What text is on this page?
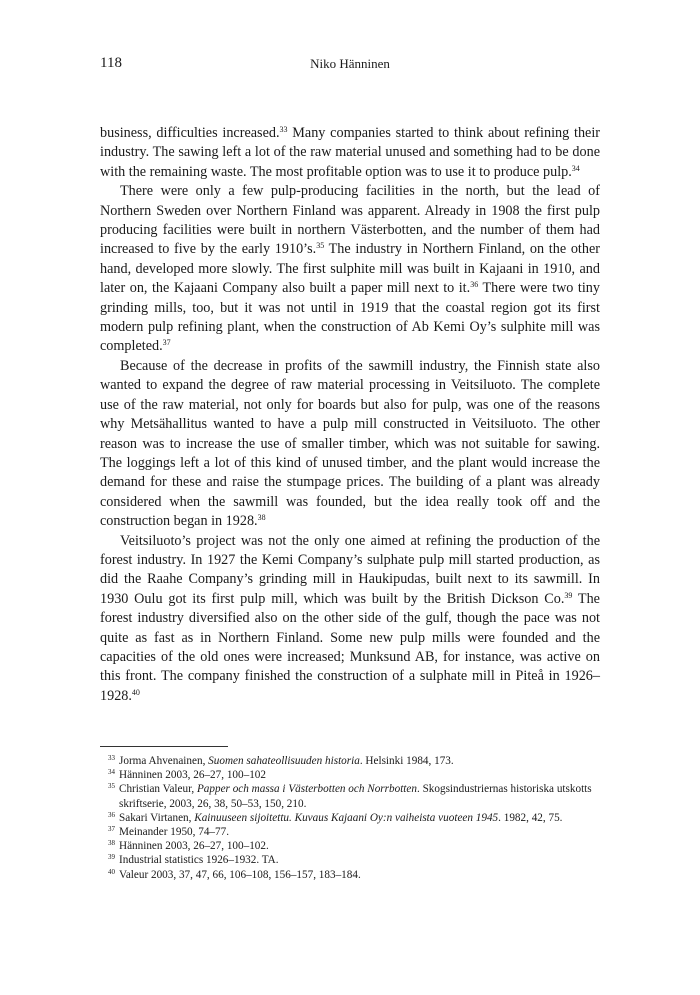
118	Niko Hänninen

business, difficulties increased.$^{33}$ Many companies started to think about refining their industry. The sawing left a lot of the raw material unused and something had to be done with the remaining waste. The most profitable option was to use it to produce pulp.$^{34}$

There were only a few pulp-producing facilities in the north, but the lead of Northern Sweden over Northern Finland was apparent. Already in 1908 the first pulp producing facilities were built in northern Västerbotten, and the number of them had increased to five by the early 1910’s.$^{35}$ The industry in Northern Finland, on the other hand, developed more slowly. The first sulphite mill was built in Kajaani in 1910, and later on, the Kajaani Company also built a paper mill next to it.$^{36}$ There were two tiny grinding mills, too, but it was not until in 1919 that the coastal region got its first modern pulp refining plant, when the construction of Ab Kemi Oy’s sulphite mill was completed.$^{37}$

Because of the decrease in profits of the sawmill industry, the Finnish state also wanted to expand the degree of raw material processing in Veitsiluoto. The complete use of the raw material, not only for boards but also for pulp, was one of the reasons why Metsähallitus wanted to have a pulp mill constructed in Veitsiluoto. The other reason was to increase the use of smaller timber, which was not suitable for sawing. The loggings left a lot of this kind of unused timber, and the plant would increase the demand for these and raise the stumpage prices. The building of a plant was already considered when the sawmill was founded, but the idea really took off and the construction began in 1928.38

Veitsiluoto’s project was not the only one aimed at refining the production of the forest industry. In 1927 the Kemi Company’s sulphate pulp mill started production, as did the Raahe Company’s grinding mill in Haukipudas, built next to its sawmill. In 1930 Oulu got its first pulp mill, which was built by the British Dickson Co.$^{39}$ The forest industry diversified also on the other side of the gulf, though the pace was not quite as fast as in Northern Finland. Some new pulp mills were founded and the capacities of the old ones were increased; Munksund AB, for instance, was active on this front. The company finished the construction of a sulphate mill in Piteå in 1926–1928.40

33 Jorma Ahvenainen, Suomen sahateollisuuden historia. Helsinki 1984, 173.
34 Hänninen 2003, 26–27, 100–102
35 Christian Valeur, Papper och massa i Västerbotten och Norrbotten. Skogsindustriernas historiska utskotts skriftserie, 2003, 26, 38, 50–53, 150, 210.
36 Sakari Virtanen, Kainuuseen sijoitettu. Kuvaus Kajaani Oy:n vaiheista vuoteen 1945. 1982, 42, 75.
37 Meinander 1950, 74–77.
38 Hänninen 2003, 26–27, 100–102.
39 Industrial statistics 1926–1932. TA.
40 Valeur 2003, 37, 47, 66, 106–108, 156–157, 183–184.
